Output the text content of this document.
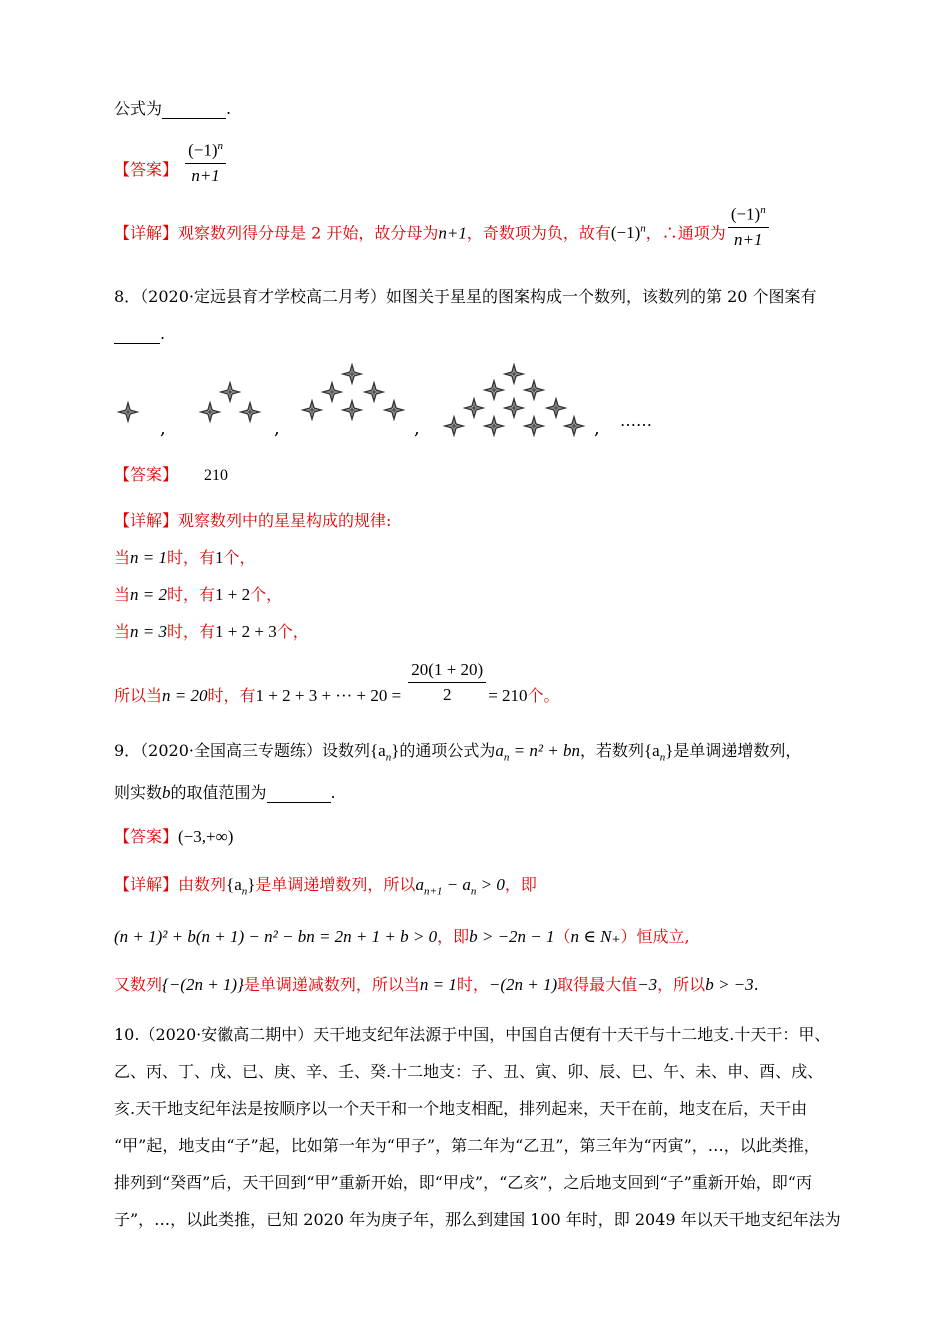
公式为	.
【答案】 $\frac{(-1)^n}{n+1}$
【详解】观察数列得分母是 2 开始，故分母为n+1，奇数项为负，故有$(-1)^n$，∴通项为 $\frac{(-1)^n}{n+1}$
8．（2020·定远县育才学校高二月考）如图关于星星的图案构成一个数列，该数列的第 20 个图案有
.
,	,	,	, ……
【答案】 210
【详解】观察数列中的星星构成的规律:
当n = 1时，有1个，
当n = 2时，有1 + 2个，
当n = 3时，有1 + 2 + 3个，
所以当n = 20时，有1 + 2 + 3 + ··· + $20 = \frac{20(1 + 20)}{2} = 210$个。
9．（2020·全国高三专题练）设数列$\{a_n\}$的通项公式为$a_n = n^2$ + bn，若数列$\{a_n\}$是单调递增数列，
则实数b的取值范围为	.
【答案】(−3,+∞)
【详解】由数列$\{a_n\}$是单调递增数列，所以$a_{n+1} - a_n > 0$，即
(n + 1)² + b(n + 1) − n² − bn = 2n + 1 + b > 0，即b > −2n − 1（n ∈ N₊）恒成立,
又数列{−(2n + 1)}是单调递减数列，所以当n = 1时，−(2n + 1)取得最大值−3，所以b > −3.
10.（2020·安徽高二期中）天干地支纪年法源于中国，中国自古便有十天干与十二地支.十天干：甲、
乙、丙、丁、戊、已、庚、辛、壬、癸.十二地支：子、丑、寅、卯、辰、巳、午、未、申、酉、戌、
亥.天干地支纪年法是按顺序以一个天干和一个地支相配，排列起来，天干在前，地支在后，天干由
“甲”起，地支由“子”起，比如第一年为“甲子”，第二年为“乙丑”，第三年为“丙寅”，…，以此类推，
排列到“癸酉”后，天干回到“甲”重新开始，即“甲戌”，“乙亥”，之后地支回到“子”重新开始，即“丙
子”，…，以此类推，已知 2020 年为庚子年，那么到建国 100 年时，即 2049 年以天干地支纪年法为
